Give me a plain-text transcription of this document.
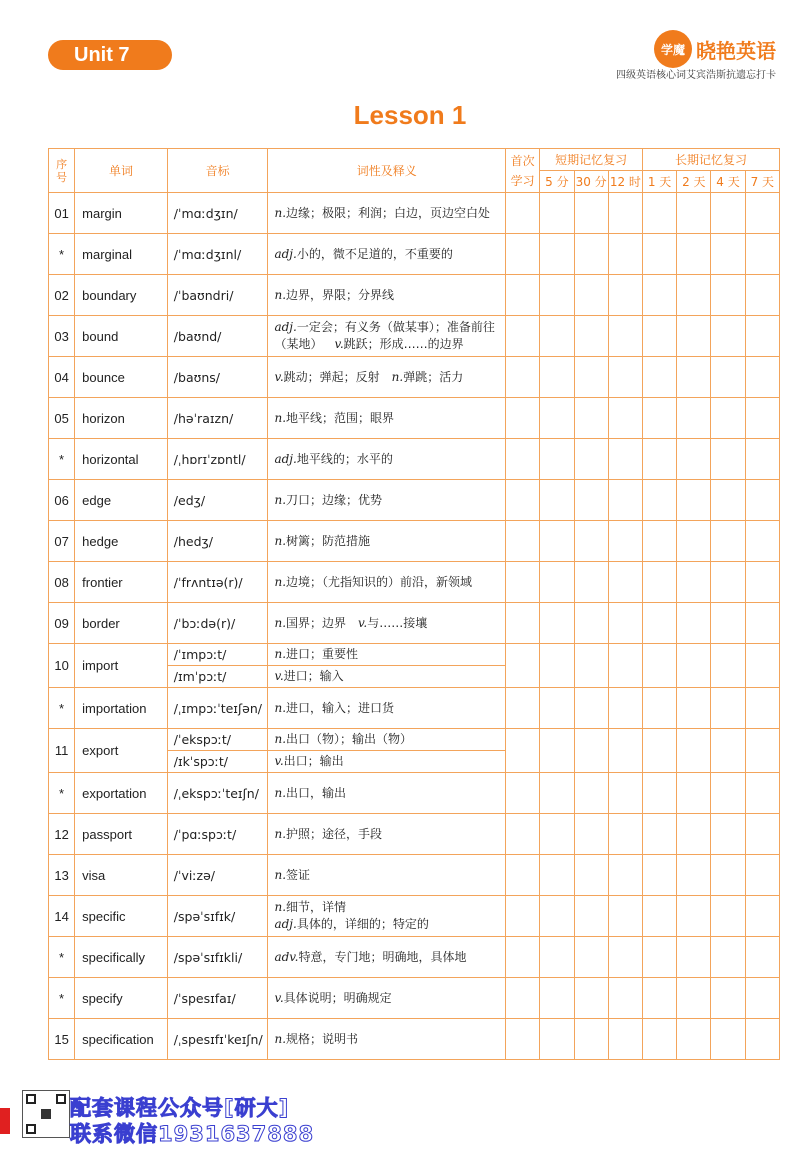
Unit 7	学魔 晓艳英语
四级英语核心词艾宾浩斯抗遗忘打卡
Lesson 1
序号	单词	音标	词性及释义	首次学习	短期记忆复习			长期记忆复习			
					5 分	30 分	12 时	1 天	2 天	4 天	7 天
01	margin	/ˈmɑːdʒɪn/	n.边缘；极限；利润；白边，页边空白处								
*	marginal	/ˈmɑːdʒɪnl/	adj.小的，微不足道的，不重要的								
02	boundary	/ˈbaʊndri/	n.边界，界限；分界线								
03	bound	/baʊnd/	adj.一定会；有义务（做某事）；准备前往（某地）  v.跳跃；形成……的边界								
04	bounce	/baʊns/	v.跳动；弹起；反射  n.弹跳；活力								
05	horizon	/həˈraɪzn/	n.地平线；范围；眼界								
*	horizontal	/ˌhɒrɪˈzɒntl/	adj.地平线的；水平的								
06	edge	/edʒ/	n.刀口；边缘；优势								
07	hedge	/hedʒ/	n.树篱；防范措施								
08	frontier	/ˈfrʌntɪə(r)/	n.边境；（尤指知识的）前沿，新领域								
09	border	/ˈbɔːdə(r)/	n.国界；边界  v.与……接壤								
10	import	/ˈɪmpɔːt/	n.进口；重要性								
		/ɪmˈpɔːt/	v.进口；输入								
*	importation	/ˌɪmpɔːˈteɪʃən/	n.进口，输入；进口货								
11	export	/ˈekspɔːt/	n.出口（物）；输出（物）								
		/ɪkˈspɔːt/	v.出口；输出								
*	exportation	/ˌekspɔːˈteɪʃn/	n.出口，输出								
12	passport	/ˈpɑːspɔːt/	n.护照；途径，手段								
13	visa	/ˈviːzə/	n.签证								
14	specific	/spəˈsɪfɪk/	n.细节，详情
adj.具体的，详细的；特定的								
*	specifically	/spəˈsɪfɪkli/	adv.特意，专门地；明确地，具体地								
*	specify	/ˈspesɪfaɪ/	v.具体说明；明确规定								
15	specification	/ˌspesɪfɪˈkeɪʃn/	n.规格；说明书								
配套课程公众号[研大]
联系微信1931637888
